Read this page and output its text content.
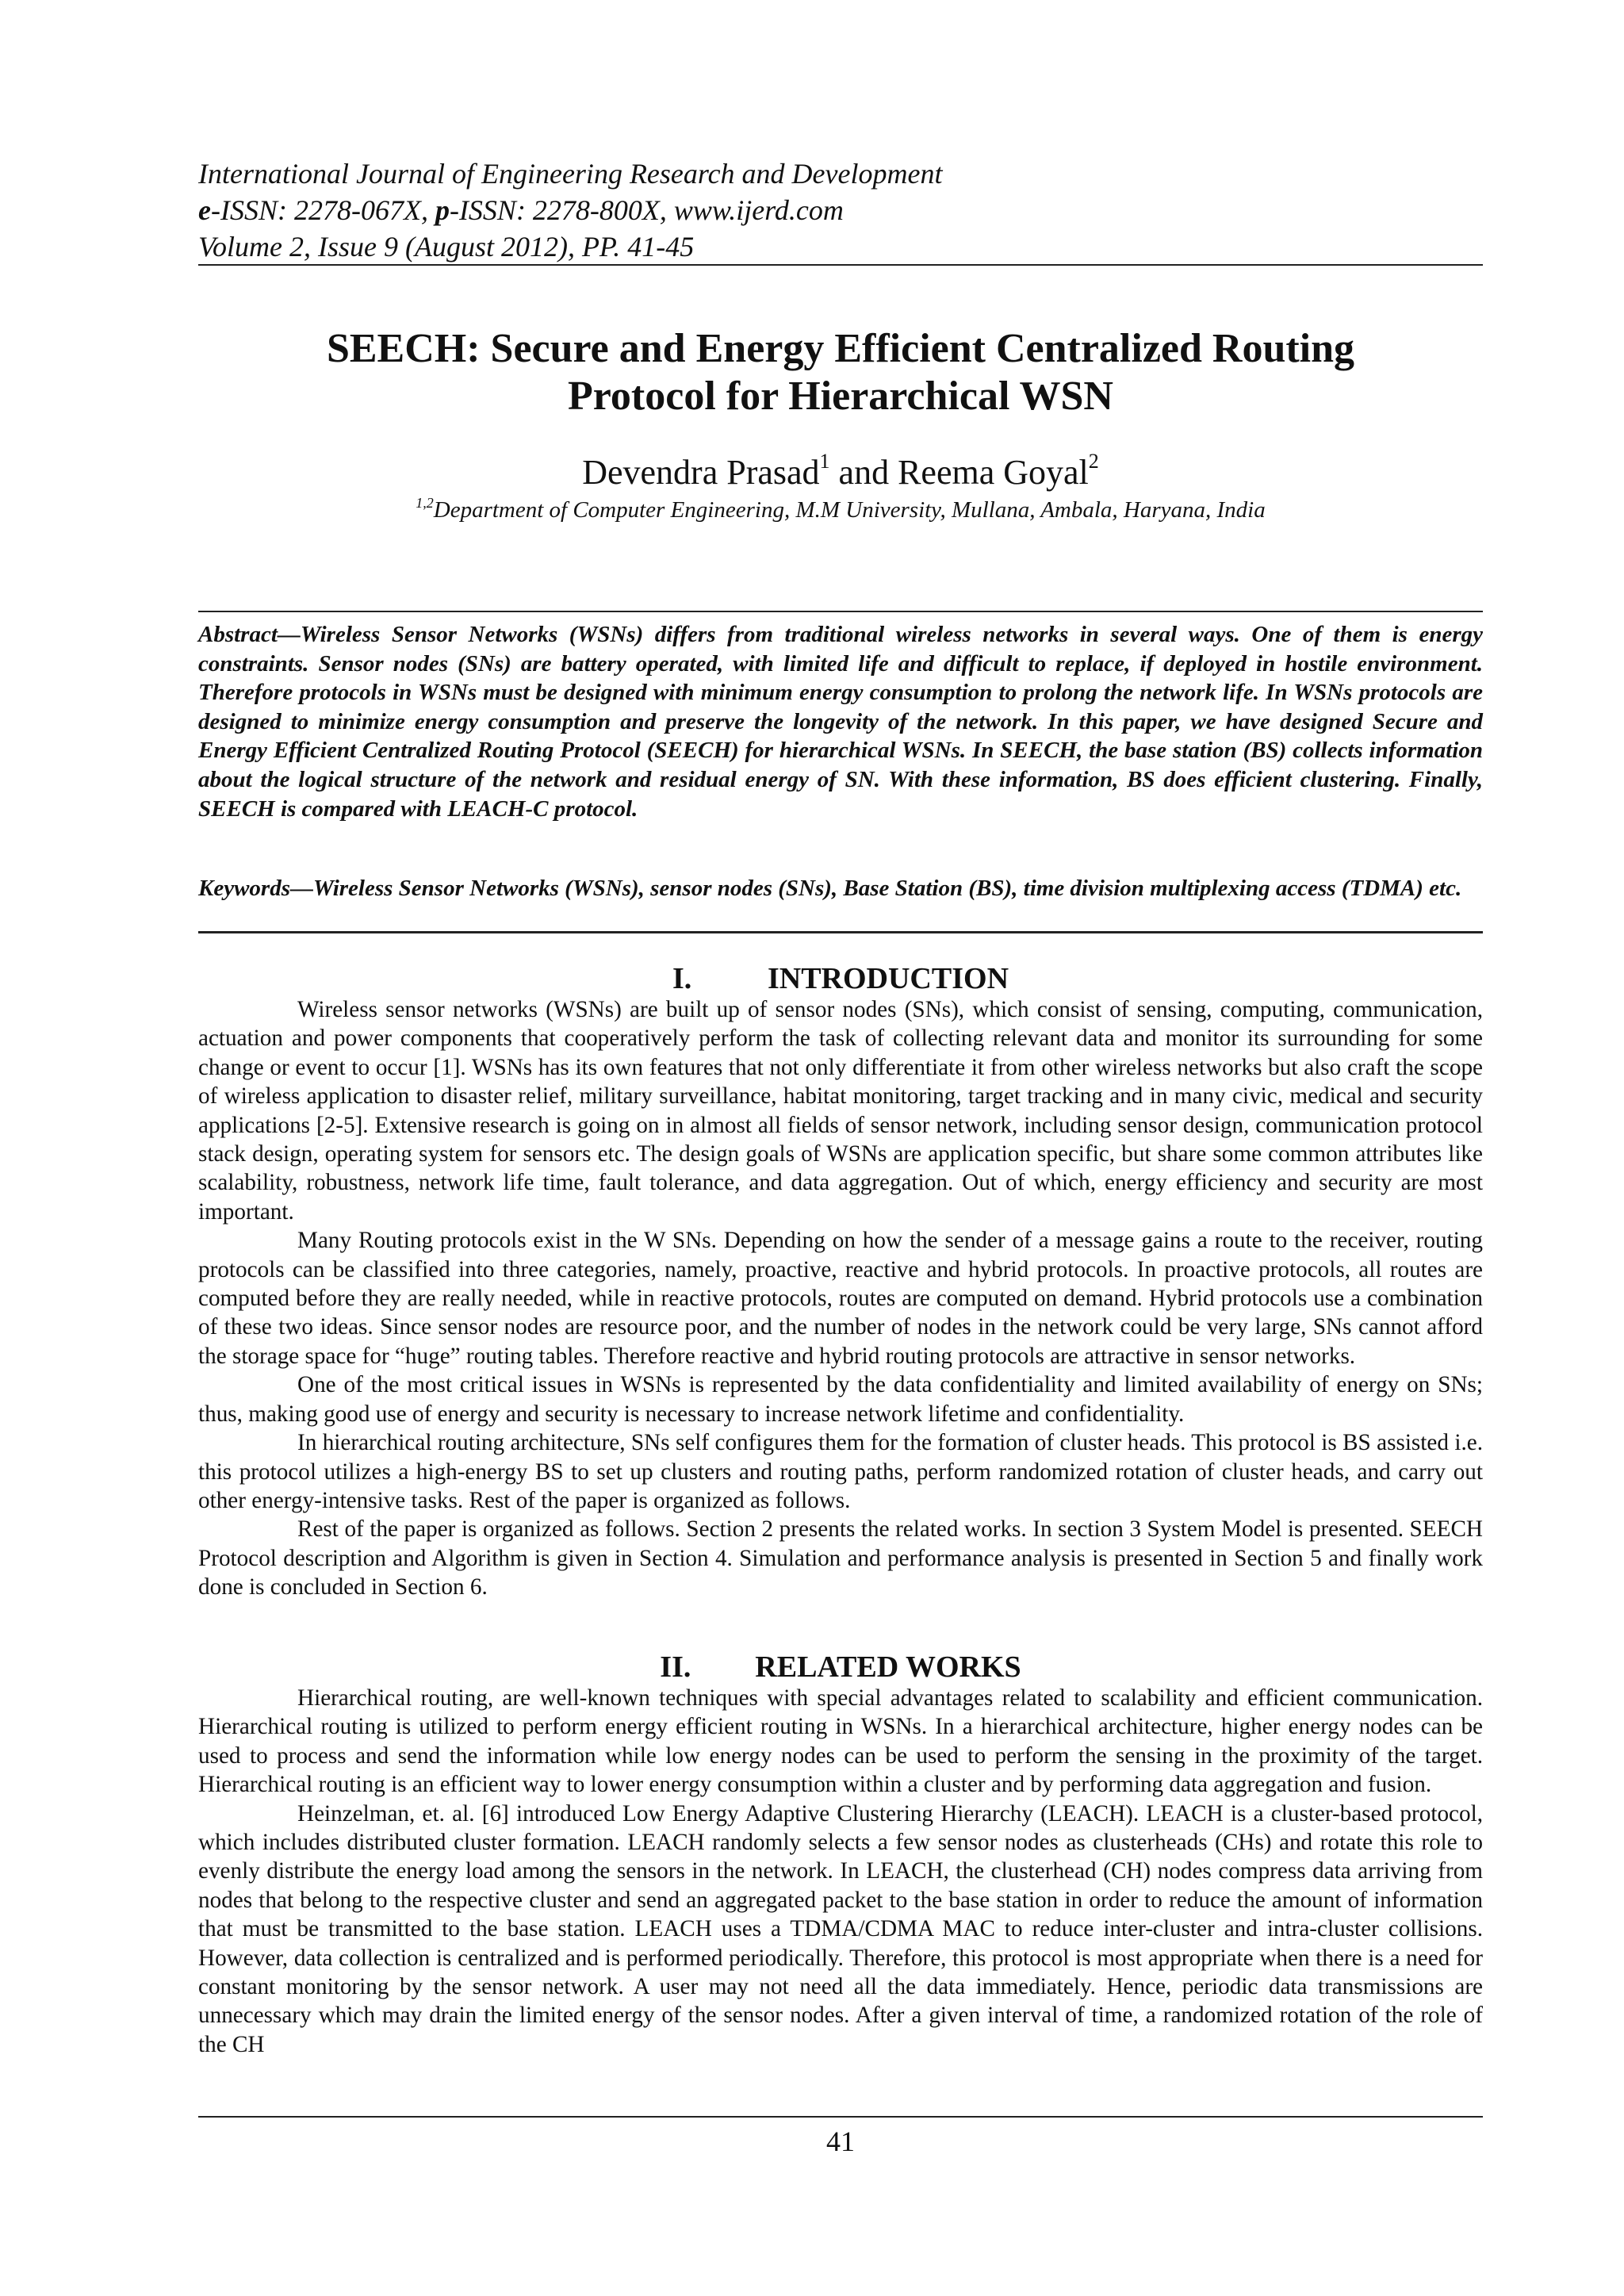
International Journal of Engineering Research and Development
e-ISSN: 2278-067X, p-ISSN: 2278-800X, www.ijerd.com
Volume 2, Issue 9 (August 2012), PP. 41-45
SEECH: Secure and Energy Efficient Centralized Routing
Protocol for Hierarchical WSN
Devendra Prasad$^1$ and Reema Goyal$^2$
$^{1,2}$Department of Computer Engineering, M.M University, Mullana, Ambala, Haryana, India

Abstract—Wireless Sensor Networks (WSNs) differs from traditional wireless networks in several ways. One of them is energy constraints. Sensor nodes (SNs) are battery operated, with limited life and difficult to replace, if deployed in hostile environment. Therefore protocols in WSNs must be designed with minimum energy consumption to prolong the network life. In WSNs protocols are designed to minimize energy consumption and preserve the longevity of the network. In this paper, we have designed Secure and Energy Efficient Centralized Routing Protocol (SEECH) for hierarchical WSNs. In SEECH, the base station (BS) collects information about the logical structure of the network and residual energy of SN. With these information, BS does efficient clustering. Finally, SEECH is compared with LEACH-C protocol.

Keywords—Wireless Sensor Networks (WSNs), sensor nodes (SNs), Base Station (BS), time division multiplexing access (TDMA) etc.

I.	INTRODUCTION

Wireless sensor networks (WSNs) are built up of sensor nodes (SNs), which consist of sensing, computing, communication, actuation and power components that cooperatively perform the task of collecting relevant data and monitor its surrounding for some change or event to occur [1]. WSNs has its own features that not only differentiate it from other wireless networks but also craft the scope of wireless application to disaster relief, military surveillance, habitat monitoring, target tracking and in many civic, medical and security applications [2-5]. Extensive research is going on in almost all fields of sensor network, including sensor design, communication protocol stack design, operating system for sensors etc. The design goals of WSNs are application specific, but share some common attributes like scalability, robustness, network life time, fault tolerance, and data aggregation. Out of which, energy efficiency and security are most important.

Many Routing protocols exist in the W SNs. Depending on how the sender of a message gains a route to the receiver, routing protocols can be classified into three categories, namely, proactive, reactive and hybrid protocols. In proactive protocols, all routes are computed before they are really needed, while in reactive protocols, routes are computed on demand. Hybrid protocols use a combination of these two ideas. Since sensor nodes are resource poor, and the number of nodes in the network could be very large, SNs cannot afford the storage space for “huge” routing tables. Therefore reactive and hybrid routing protocols are attractive in sensor networks.

One of the most critical issues in WSNs is represented by the data confidentiality and limited availability of energy on SNs; thus, making good use of energy and security is necessary to increase network lifetime and confidentiality.

In hierarchical routing architecture, SNs self configures them for the formation of cluster heads. This protocol is BS assisted i.e. this protocol utilizes a high-energy BS to set up clusters and routing paths, perform randomized rotation of cluster heads, and carry out other energy-intensive tasks. Rest of the paper is organized as follows.

Rest of the paper is organized as follows. Section 2 presents the related works. In section 3 System Model is presented. SEECH Protocol description and Algorithm is given in Section 4. Simulation and performance analysis is presented in Section 5 and finally work done is concluded in Section 6.

II. RELATED WORKS

Hierarchical routing, are well-known techniques with special advantages related to scalability and efficient communication. Hierarchical routing is utilized to perform energy efficient routing in WSNs. In a hierarchical architecture, higher energy nodes can be used to process and send the information while low energy nodes can be used to perform the sensing in the proximity of the target. Hierarchical routing is an efficient way to lower energy consumption within a cluster and by performing data aggregation and fusion.

Heinzelman, et. al. [6] introduced Low Energy Adaptive Clustering Hierarchy (LEACH). LEACH is a cluster-based protocol, which includes distributed cluster formation. LEACH randomly selects a few sensor nodes as clusterheads (CHs) and rotate this role to evenly distribute the energy load among the sensors in the network. In LEACH, the clusterhead (CH) nodes compress data arriving from nodes that belong to the respective cluster and send an aggregated packet to the base station in order to reduce the amount of information that must be transmitted to the base station. LEACH uses a TDMA/CDMA MAC to reduce inter-cluster and intra-cluster collisions. However, data collection is centralized and is performed periodically. Therefore, this protocol is most appropriate when there is a need for constant monitoring by the sensor network. A user may not need all the data immediately. Hence, periodic data transmissions are unnecessary which may drain the limited energy of the sensor nodes. After a given interval of time, a randomized rotation of the role of the CH

41
